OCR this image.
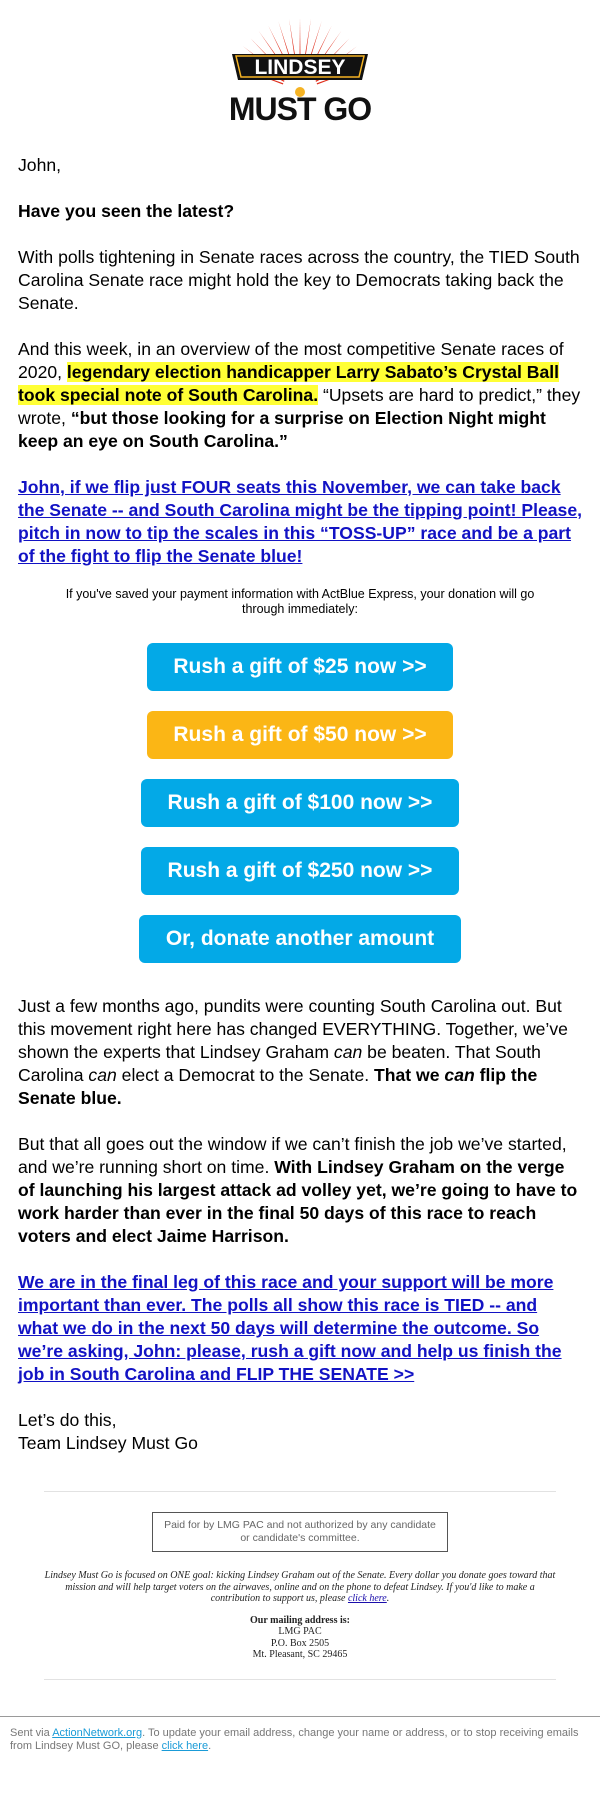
LINDSEY
MUST GO

John,

Have you seen the latest?

With polls tightening in Senate races across the country, the TIED South Carolina Senate race might hold the key to Democrats taking back the Senate.

And this week, in an overview of the most competitive Senate races of 2020, legendary election handicapper Larry Sabato’s Crystal Ball took special note of South Carolina. “Upsets are hard to predict,” they wrote, “but those looking for a surprise on Election Night might keep an eye on South Carolina.”

John, if we flip just FOUR seats this November, we can take back the Senate -- and South Carolina might be the tipping point! Please, pitch in now to tip the scales in this “TOSS-UP” race and be a part of the fight to flip the Senate blue!

If you've saved your payment information with ActBlue Express, your donation will go through immediately:
Rush a gift of $25 now >>
Rush a gift of $50 now >>
Rush a gift of $100 now >>
Rush a gift of $250 now >>
Or, donate another amount

Just a few months ago, pundits were counting South Carolina out. But this movement right here has changed EVERYTHING. Together, we’ve shown the experts that Lindsey Graham can be beaten. That South Carolina can elect a Democrat to the Senate. That we can flip the Senate blue.

But that all goes out the window if we can’t finish the job we’ve started, and we’re running short on time. With Lindsey Graham on the verge of launching his largest attack ad volley yet, we’re going to have to work harder than ever in the final 50 days of this race to reach voters and elect Jaime Harrison.

We are in the final leg of this race and your support will be more important than ever. The polls all show this race is TIED -- and what we do in the next 50 days will determine the outcome. So we’re asking, John: please, rush a gift now and help us finish the job in South Carolina and FLIP THE SENATE >>

Let’s do this,
Team Lindsey Must Go

Paid for by LMG PAC and not authorized by any candidate or candidate's committee.

Lindsey Must Go is focused on ONE goal: kicking Lindsey Graham out of the Senate. Every dollar you donate goes toward that mission and will help target voters on the airwaves, online and on the phone to defeat Lindsey. If you'd like to make a contribution to support us, please click here.

Our mailing address is:
LMG PAC
P.O. Box 2505
Mt. Pleasant, SC 29465
Sent via ActionNetwork.org. To update your email address, change your name or address, or to stop receiving emails from Lindsey Must GO, please click here.
